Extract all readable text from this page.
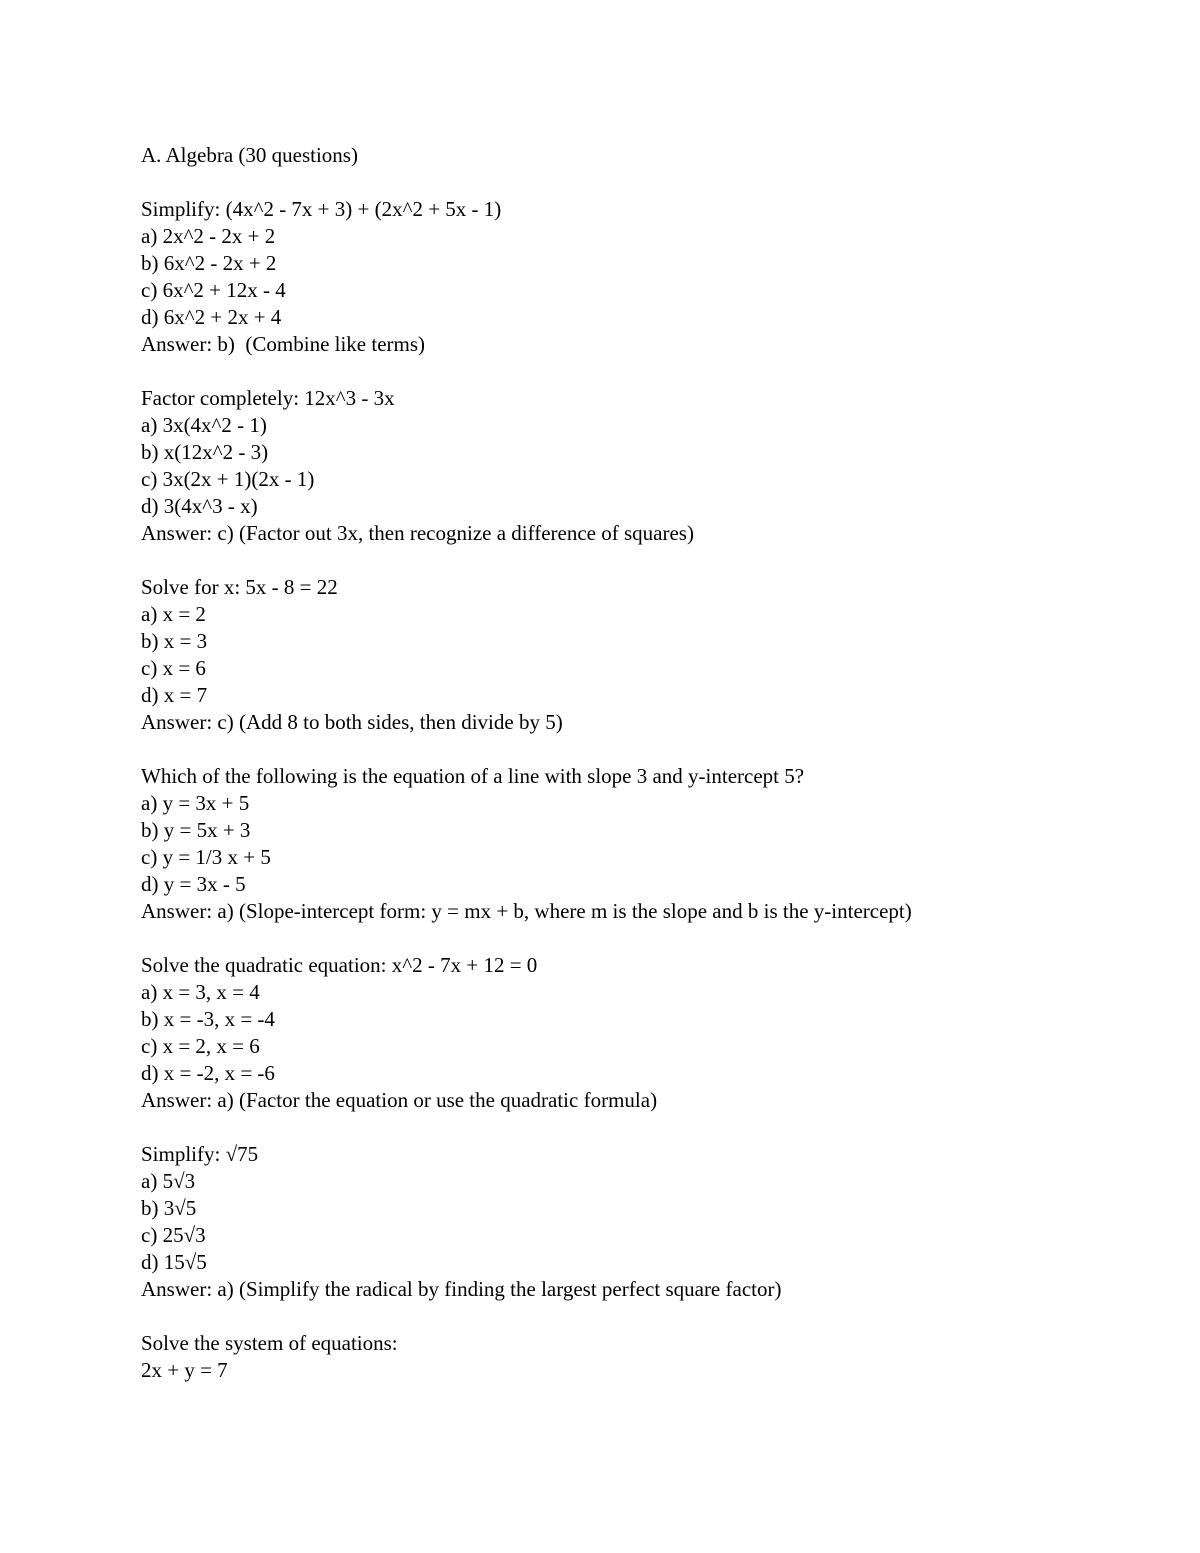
A. Algebra (30 questions)
Simplify: (4x^2 - 7x + 3) + (2x^2 + 5x - 1)
a) 2x^2 - 2x + 2
b) 6x^2 - 2x + 2
c) 6x^2 + 12x - 4
d) 6x^2 + 2x + 4
Answer: b)  (Combine like terms)
Factor completely: 12x^3 - 3x
a) 3x(4x^2 - 1)
b) x(12x^2 - 3)
c) 3x(2x + 1)(2x - 1)
d) 3(4x^3 - x)
Answer: c) (Factor out 3x, then recognize a difference of squares)
Solve for x: 5x - 8 = 22
a) x = 2
b) x = 3
c) x = 6
d) x = 7
Answer: c) (Add 8 to both sides, then divide by 5)
Which of the following is the equation of a line with slope 3 and y-intercept 5?
a) y = 3x + 5
b) y = 5x + 3
c) y = 1/3 x + 5
d) y = 3x - 5
Answer: a) (Slope-intercept form: y = mx + b, where m is the slope and b is the y-intercept)
Solve the quadratic equation: x^2 - 7x + 12 = 0
a) x = 3, x = 4
b) x = -3, x = -4
c) x = 2, x = 6
d) x = -2, x = -6
Answer: a) (Factor the equation or use the quadratic formula)
Simplify: √75
a) 5√3
b) 3√5
c) 25√3
d) 15√5
Answer: a) (Simplify the radical by finding the largest perfect square factor)
Solve the system of equations:
2x + y = 7
